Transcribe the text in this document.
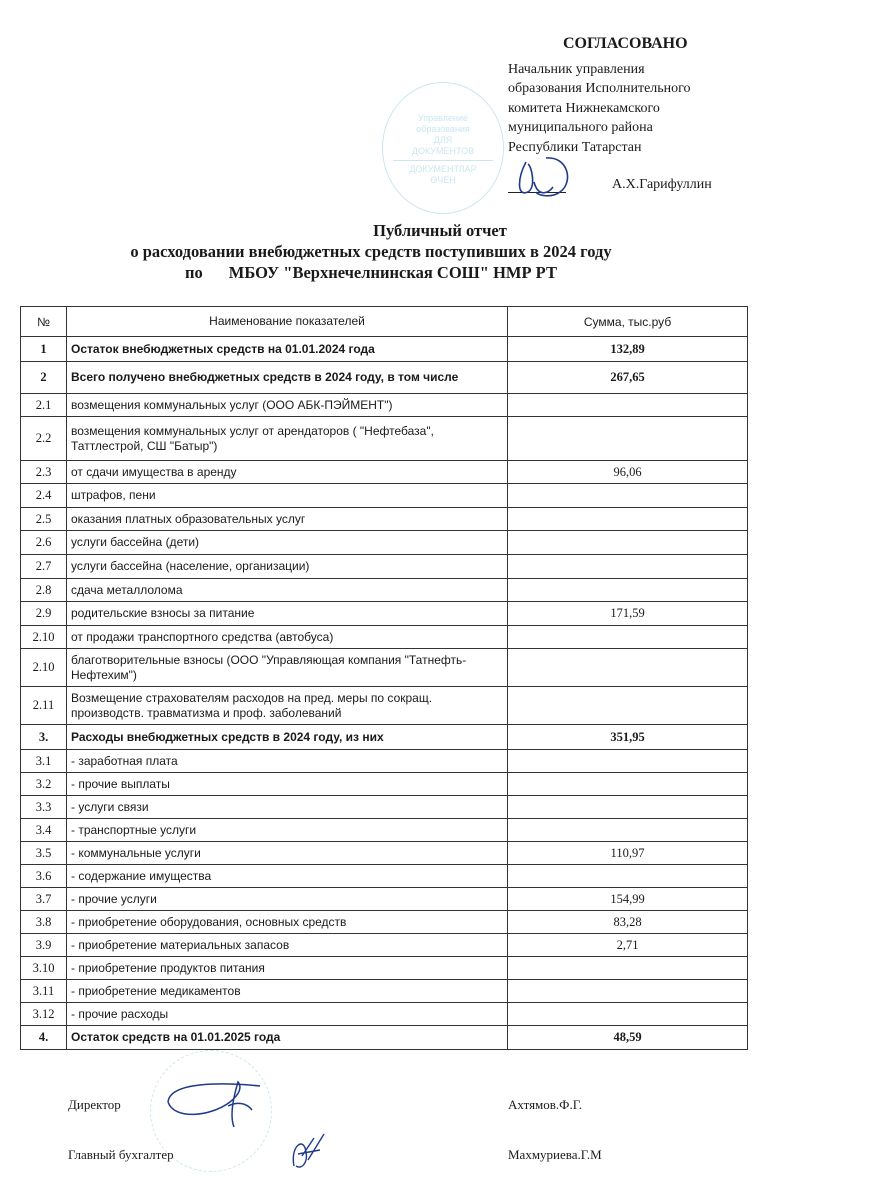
СОГЛАСОВАНО
Начальник управления
образования Исполнительного
комитета Нижнекамского
муниципального района
Республики Татарстан
А.Х.Гарифуллин
Управление
образования
ДЛЯ
ДОКУМЕНТОВ
ДОКУМЕНТЛАР
ӨЧЕН
Публичный отчет
о расходовании внебюджетных средств поступивших в 2024 году
по МБОУ "Верхнечелнинская СОШ" НМР РТ
№	Наименование показателей	Сумма, тыс.руб
1	Остаток внебюджетных средств на 01.01.2024 года	132,89
2	Всего получено внебюджетных средств в 2024 году, в том числе	267,65
2.1	возмещения коммунальных услуг (ООО АБК-ПЭЙМЕНТ")	
2.2	возмещения коммунальных услуг от арендаторов ( "Нефтебаза", Таттлестрой, СШ "Батыр")	
2.3	от сдачи имущества в аренду	96,06
2.4	штрафов, пени	
2.5	оказания платных образовательных услуг	
2.6	услуги бассейна (дети)	
2.7	услуги бассейна (население, организации)	
2.8	сдача металлолома	
2.9	родительские взносы за питание	171,59
2.10	от продажи транспортного средства (автобуса)	
2.10	благотворительные взносы (ООО "Управляющая компания "Татнефть-Нефтехим")	
2.11	Возмещение страхователям расходов на пред. меры по сокращ. производств. травматизма и проф. заболеваний	
3.	Расходы внебюджетных средств в 2024 году, из них	351,95
3.1	- заработная плата	
3.2	- прочие выплаты	
3.3	- услуги связи	
3.4	- транспортные услуги	
3.5	- коммунальные услуги	110,97
3.6	- содержание имущества	
3.7	- прочие услуги	154,99
3.8	- приобретение оборудования, основных средств	83,28
3.9	- приобретение материальных запасов	2,71
3.10	- приобретение продуктов питания	
3.11	- приобретение медикаментов	
3.12	- прочие расходы	
4.	Остаток средств на 01.01.2025 года	48,59
Директор	Ахтямов.Ф.Г.
Главный бухгалтер	Махмуриева.Г.М
